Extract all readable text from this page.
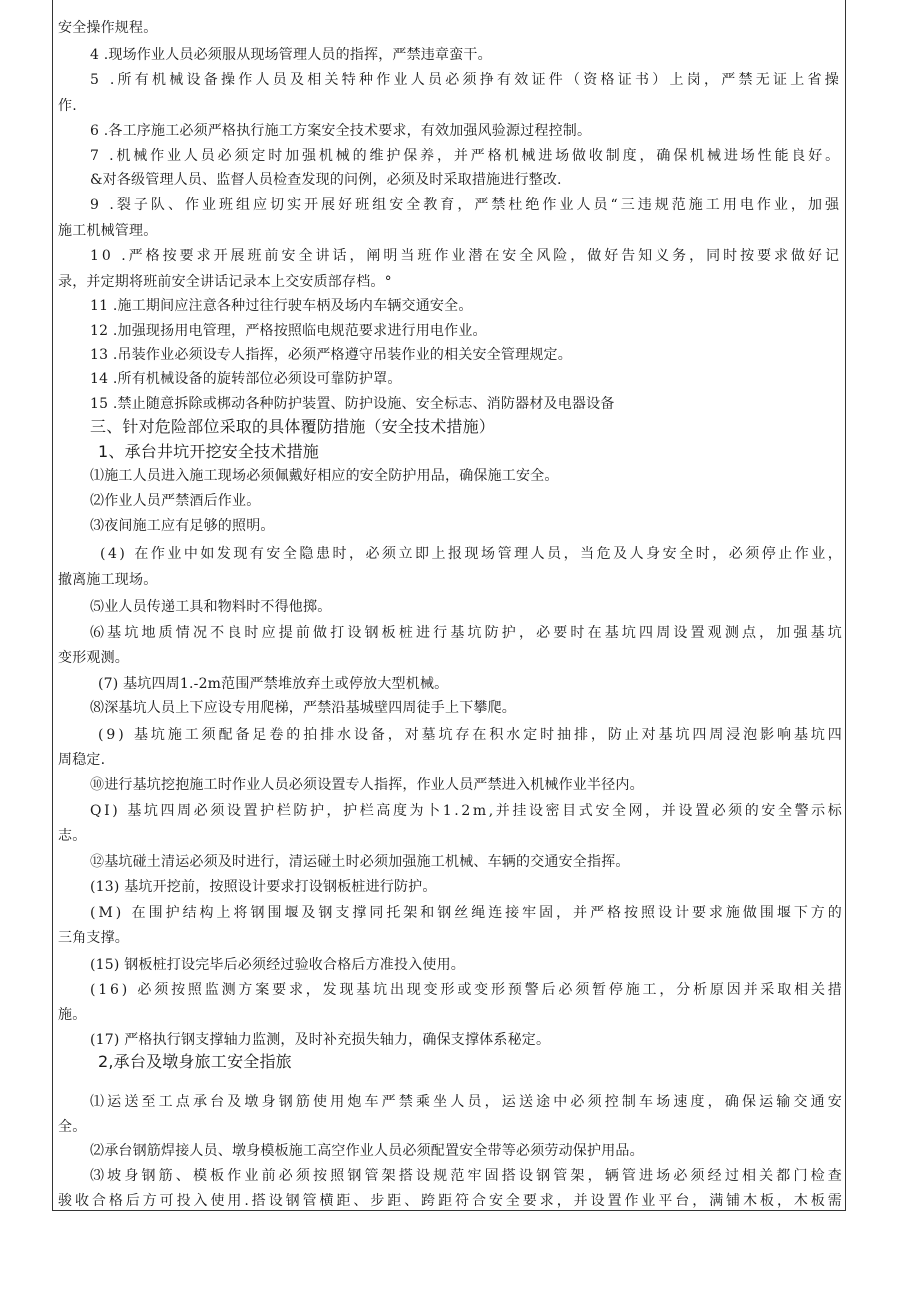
安全操作规程。
4 .现场作业人员必须服从现场管理人员的指挥，严禁违章蛮干。
5 .所有机械设备操作人员及相关特种作业人员必须挣有效证件（资格证书）上岗，严禁无证上省操
作.
6 .各工序施工必须严格执行施工方案安全技术要求，有效加强风验源过程控制。
7 .机械作业人员必须定时加强机械的维护保养，并严格机械进场做收制度，确保机械进场性能良好。
&对各级管理人员、监督人员检查发现的问例，必须及时采取措施进行整改.
9 .裂子队、作业班组应切实开展好班组安全教育，严禁杜绝作业人员“三违规范施工用电作业，加强
施工机械管理。
10 .严格按要求开展班前安全讲话，阐明当班作业潜在安全风险，做好告知义务，同时按要求做好记
录，并定期将班前安全讲话记录本上交安质部存档。°
11 .施工期间应注意各种过往行驶车柄及场内车辆交通安全。
12 .加强现扬用电管理，严格按照临电规范要求进行用电作业。
13 .吊装作业必须设专人指挥，必须严格遵守吊装作业的相关安全管理规定。
14 .所有机械设备的旋转部位必须设可靠防护罩。
15 .禁止随意拆除或梆动各种防护装置、防护设施、安全标志、消防器材及电器设备
三、针对危险部位采取的具体覆防措施（安全技术措施）
1、承台井坑开挖安全技术措施
⑴施工人员进入施工现场必须佩戴好相应的安全防护用品，确保施工安全。
⑵作业人员严禁酒后作业。
⑶夜间施工应有足够的照明。
(4) 在作业中如发现有安全隐患时，必须立即上报现场管理人员，当危及人身安全时，必须停止作业，
撤离施工现场。
⑸业人员传递工具和物料时不得他掷。
⑹基坑地质情况不良时应提前做打设钢板桩进行基坑防护，必要时在基坑四周设置观测点，加强基坑
变形观测。
(7) 基坑四周1.-2m范围严禁堆放弃土或停放大型机械。
⑻深基坑人员上下应设专用爬梯，严禁沿基城壁四周徒手上下攀爬。
(9) 基坑施工须配备足卷的拍排水设备，对墓坑存在积水定时抽排，防止对基坑四周浸泡影响基坑四
周稳定.
⑩进行基坑挖抱施工时作业人员必须设置专人指挥，作业人员严禁进入机械作业半径内。
QI) 基坑四周必须设置护栏防护，护栏高度为卜1.2m,并挂设密目式安全网，并设置必须的安全警示标
志。
⑫基坑碰土清运必须及时进行，清运碰土时必须加强施工机械、车辆的交通安全指挥。
(13) 基坑开挖前，按照设计要求打设钢板桩进行防护。
(M) 在围护结构上将钢围堰及钢支撑同托架和钢丝绳连接牢固，并严格按照设计要求施做围堰下方的
三角支撑。
(15) 钢板桩打设完毕后必须经过验收合格后方准投入使用。
(16) 必须按照监测方案要求，发现基坑出现变形或变形预警后必须暂停施工，分析原因并采取相关措
施。
(17) 严格执行钢支撑轴力监测，及时补充损失轴力，确保支撑体系秘定。
2,承台及墩身旅工安全指旅
⑴运送至工点承台及墩身钢筋使用炮车严禁乘坐人员，运送途中必须控制车场速度，确保运输交通安
全。
⑵承台钢筋焊接人员、墩身模板施工高空作业人员必须配置安全带等必须劳动保护用品。
⑶坡身钢筋、模板作业前必须按照钢管架搭设规范牢固搭设钢管架，辆管进场必须经过相关都门检查
骏收合格后方可投入使用.搭设钢管横距、步距、跨距符合安全要求，并设置作业平台，满铺木板，木板需
